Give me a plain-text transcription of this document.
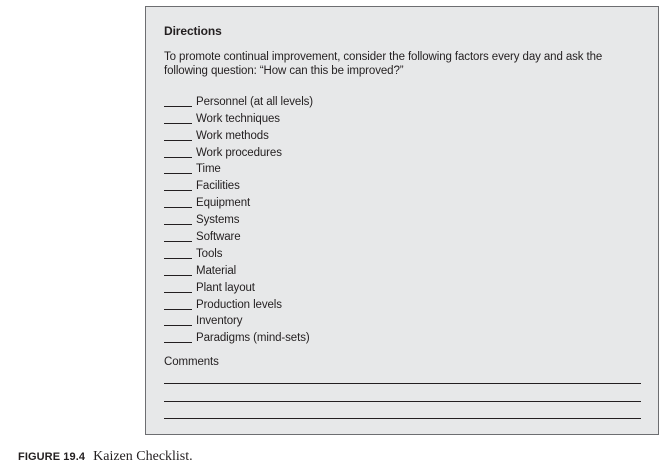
Directions
To promote continual improvement, consider the following factors every day and ask the following question: “How can this be improved?”
Personnel (at all levels)
Work techniques
Work methods
Work procedures
Time
Facilities
Equipment
Systems
Software
Tools
Material
Plant layout
Production levels
Inventory
Paradigms (mind-sets)
Comments
FIGURE 19.4 Kaizen Checklist.
